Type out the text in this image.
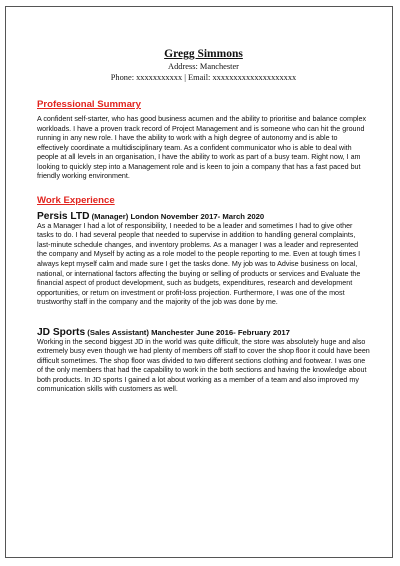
Gregg Simmons

Address: Manchester

Phone: xxxxxxxxxxx | Email: xxxxxxxxxxxxxxxxxxxx

Professional Summary

A confident self-starter, who has good business acumen and the ability to prioritise and balance complex workloads. I have a proven track record of Project Management and is someone who can hit the ground running in any new role. I have the ability to work with a high degree of autonomy and is able to effectively coordinate a multidisciplinary team. As a confident communicator who is able to deal with people at all levels in an organisation, I have the ability to work as part of a busy team. Right now, I am looking to quickly step into a Management role and is keen to join a company that has a fast paced but friendly working environment.

Work Experience

Persis LTD (Manager) London November 2017- March 2020

As a Manager I had a lot of responsibility, I needed to be a leader and sometimes I had to give other tasks to do. I had several people that needed to supervise in addition to handling general complaints, last-minute schedule changes, and inventory problems. As a manager I was a leader and represented the company and Myself by acting as a role model to the people reporting to me. Even at tough times I always kept myself calm and made sure I get the tasks done. My job was to Advise business on local, national, or international factors affecting the buying or selling of products or services and Evaluate the financial aspect of product development, such as budgets, expenditures, research and development opportunities, or return on investment or profit-loss projection. Furthermore, I was one of the most trustworthy staff in the company and the majority of the job was done by me.

JD Sports (Sales Assistant) Manchester June 2016- February 2017

Working in the second biggest JD in the world was quite difficult, the store was absolutely huge and also extremely busy even though we had plenty of members off staff to cover the shop floor it could have been difficult sometimes. The shop floor was divided to two different sections clothing and footwear. I was one of the only members that had the capability to work in the both sections and having the knowledge about both products. In JD sports I gained a lot about working as a member of a team and also improved my communication skills with customers as well.
